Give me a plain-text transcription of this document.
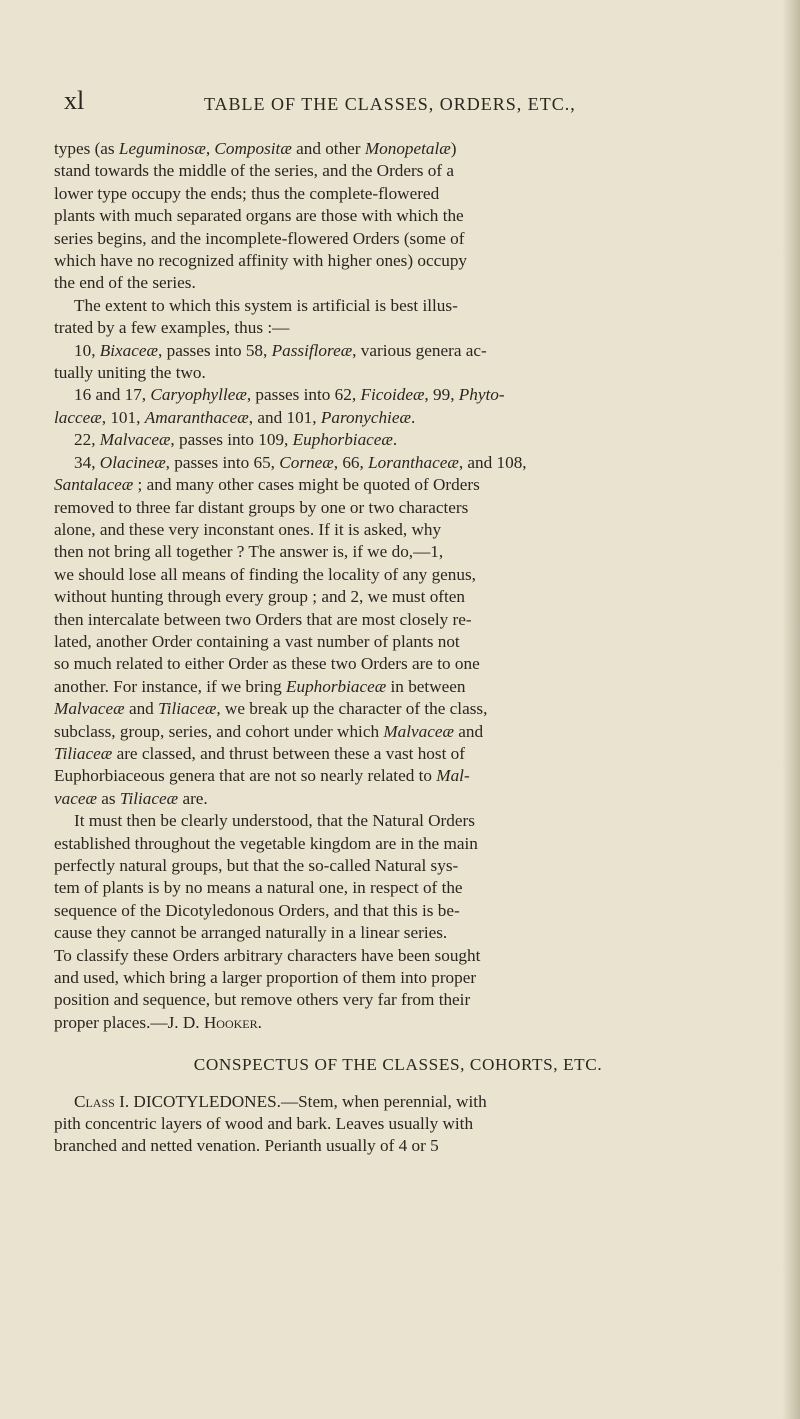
xl	TABLE OF THE CLASSES, ORDERS, ETC.,
types (as Leguminosæ, Compositæ and other Monopetalæ)
stand towards the middle of the series, and the Orders of a
lower type occupy the ends; thus the complete-flowered
plants with much separated organs are those with which the
series begins, and the incomplete-flowered Orders (some of
which have no recognized affinity with higher ones) occupy
the end of the series.
The extent to which this system is artificial is best illus-
trated by a few examples, thus :—
10, Bixaceæ, passes into 58, Passifloreæ, various genera ac-
tually uniting the two.
16 and 17, Caryophylleæ, passes into 62, Ficoideæ, 99, Phyto-
lacceæ, 101, Amaranthaceæ, and 101, Paronychieæ.
22, Malvaceæ, passes into 109, Euphorbiaceæ.
34, Olacineæ, passes into 65, Corneæ, 66, Loranthaceæ, and 108,
Santalaceæ ; and many other cases might be quoted of Orders
removed to three far distant groups by one or two characters
alone, and these very inconstant ones. If it is asked, why
then not bring all together ? The answer is, if we do,—1,
we should lose all means of finding the locality of any genus,
without hunting through every group ; and 2, we must often
then intercalate between two Orders that are most closely re-
lated, another Order containing a vast number of plants not
so much related to either Order as these two Orders are to one
another. For instance, if we bring Euphorbiaceæ in between
Malvaceæ and Tiliaceæ, we break up the character of the class,
subclass, group, series, and cohort under which Malvaceæ and
Tiliaceæ are classed, and thrust between these a vast host of
Euphorbiaceous genera that are not so nearly related to Mal-
vaceæ as Tiliaceæ are.
It must then be clearly understood, that the Natural Orders
established throughout the vegetable kingdom are in the main
perfectly natural groups, but that the so-called Natural sys-
tem of plants is by no means a natural one, in respect of the
sequence of the Dicotyledonous Orders, and that this is be-
cause they cannot be arranged naturally in a linear series.
To classify these Orders arbitrary characters have been sought
and used, which bring a larger proportion of them into proper
position and sequence, but remove others very far from their
proper places.—J. D. Hooker.
CONSPECTUS OF THE CLASSES, COHORTS, ETC.
Class I. DICOTYLEDONES.—Stem, when perennial, with
pith concentric layers of wood and bark. Leaves usually with
branched and netted venation. Perianth usually of 4 or 5
